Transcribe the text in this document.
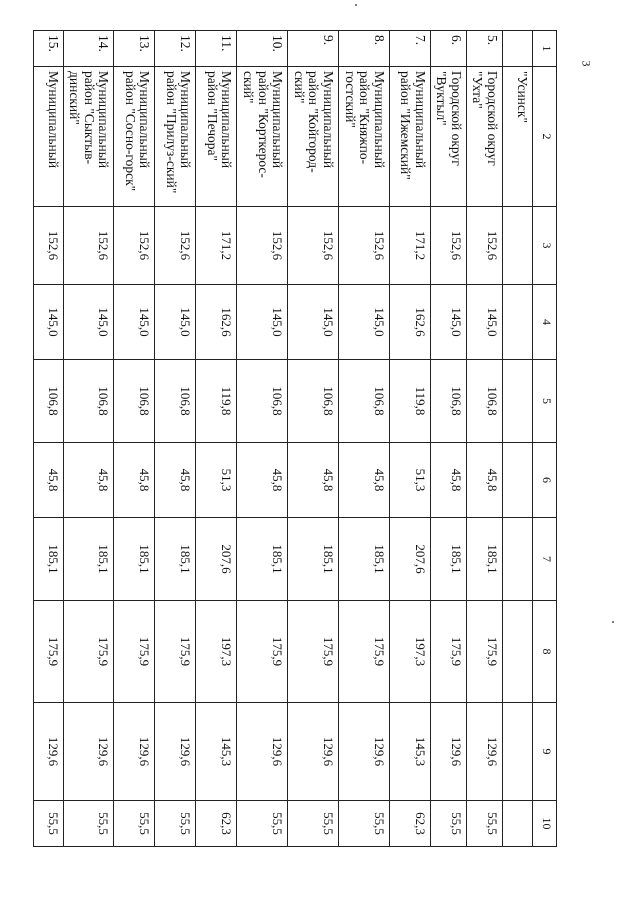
3
1	2	3	4	5	6	7	8	9	10
	"Усинск"								
5.	Городской округ "Ухта"	152,6	145,0	106,8	45,8	185,1	175,9	129,6	55,5
6.	Городской округ "Вуктыл"	152,6	145,0	106,8	45,8	185,1	175,9	129,6	55,5
7.	Муниципальный район "Ижемский"	171,2	162,6	119,8	51,3	207,6	197,3	145,3	62,3
8.	Муниципальный район "Княжпо-гостский"	152,6	145,0	106,8	45,8	185,1	175,9	129,6	55,5
9.	Муниципальный район "Койгород-ский"	152,6	145,0	106,8	45,8	185,1	175,9	129,6	55,5
10.	Муниципальный район "Корткерос-ский"	152,6	145,0	106,8	45,8	185,1	175,9	129,6	55,5
11.	Муниципальный район "Печора"	171,2	162,6	119,8	51,3	207,6	197,3	145,3	62,3
12.	Муниципальный район "Прилуз-ский"	152,6	145,0	106,8	45,8	185,1	175,9	129,6	55,5
13.	Муниципальный район "Сосно-горск"	152,6	145,0	106,8	45,8	185,1	175,9	129,6	55,5
14.	Муниципальный район "Сыктыв-динский"	152,6	145,0	106,8	45,8	185,1	175,9	129,6	55,5
15.	Муниципальный	152,6	145,0	106,8	45,8	185,1	175,9	129,6	55,5
